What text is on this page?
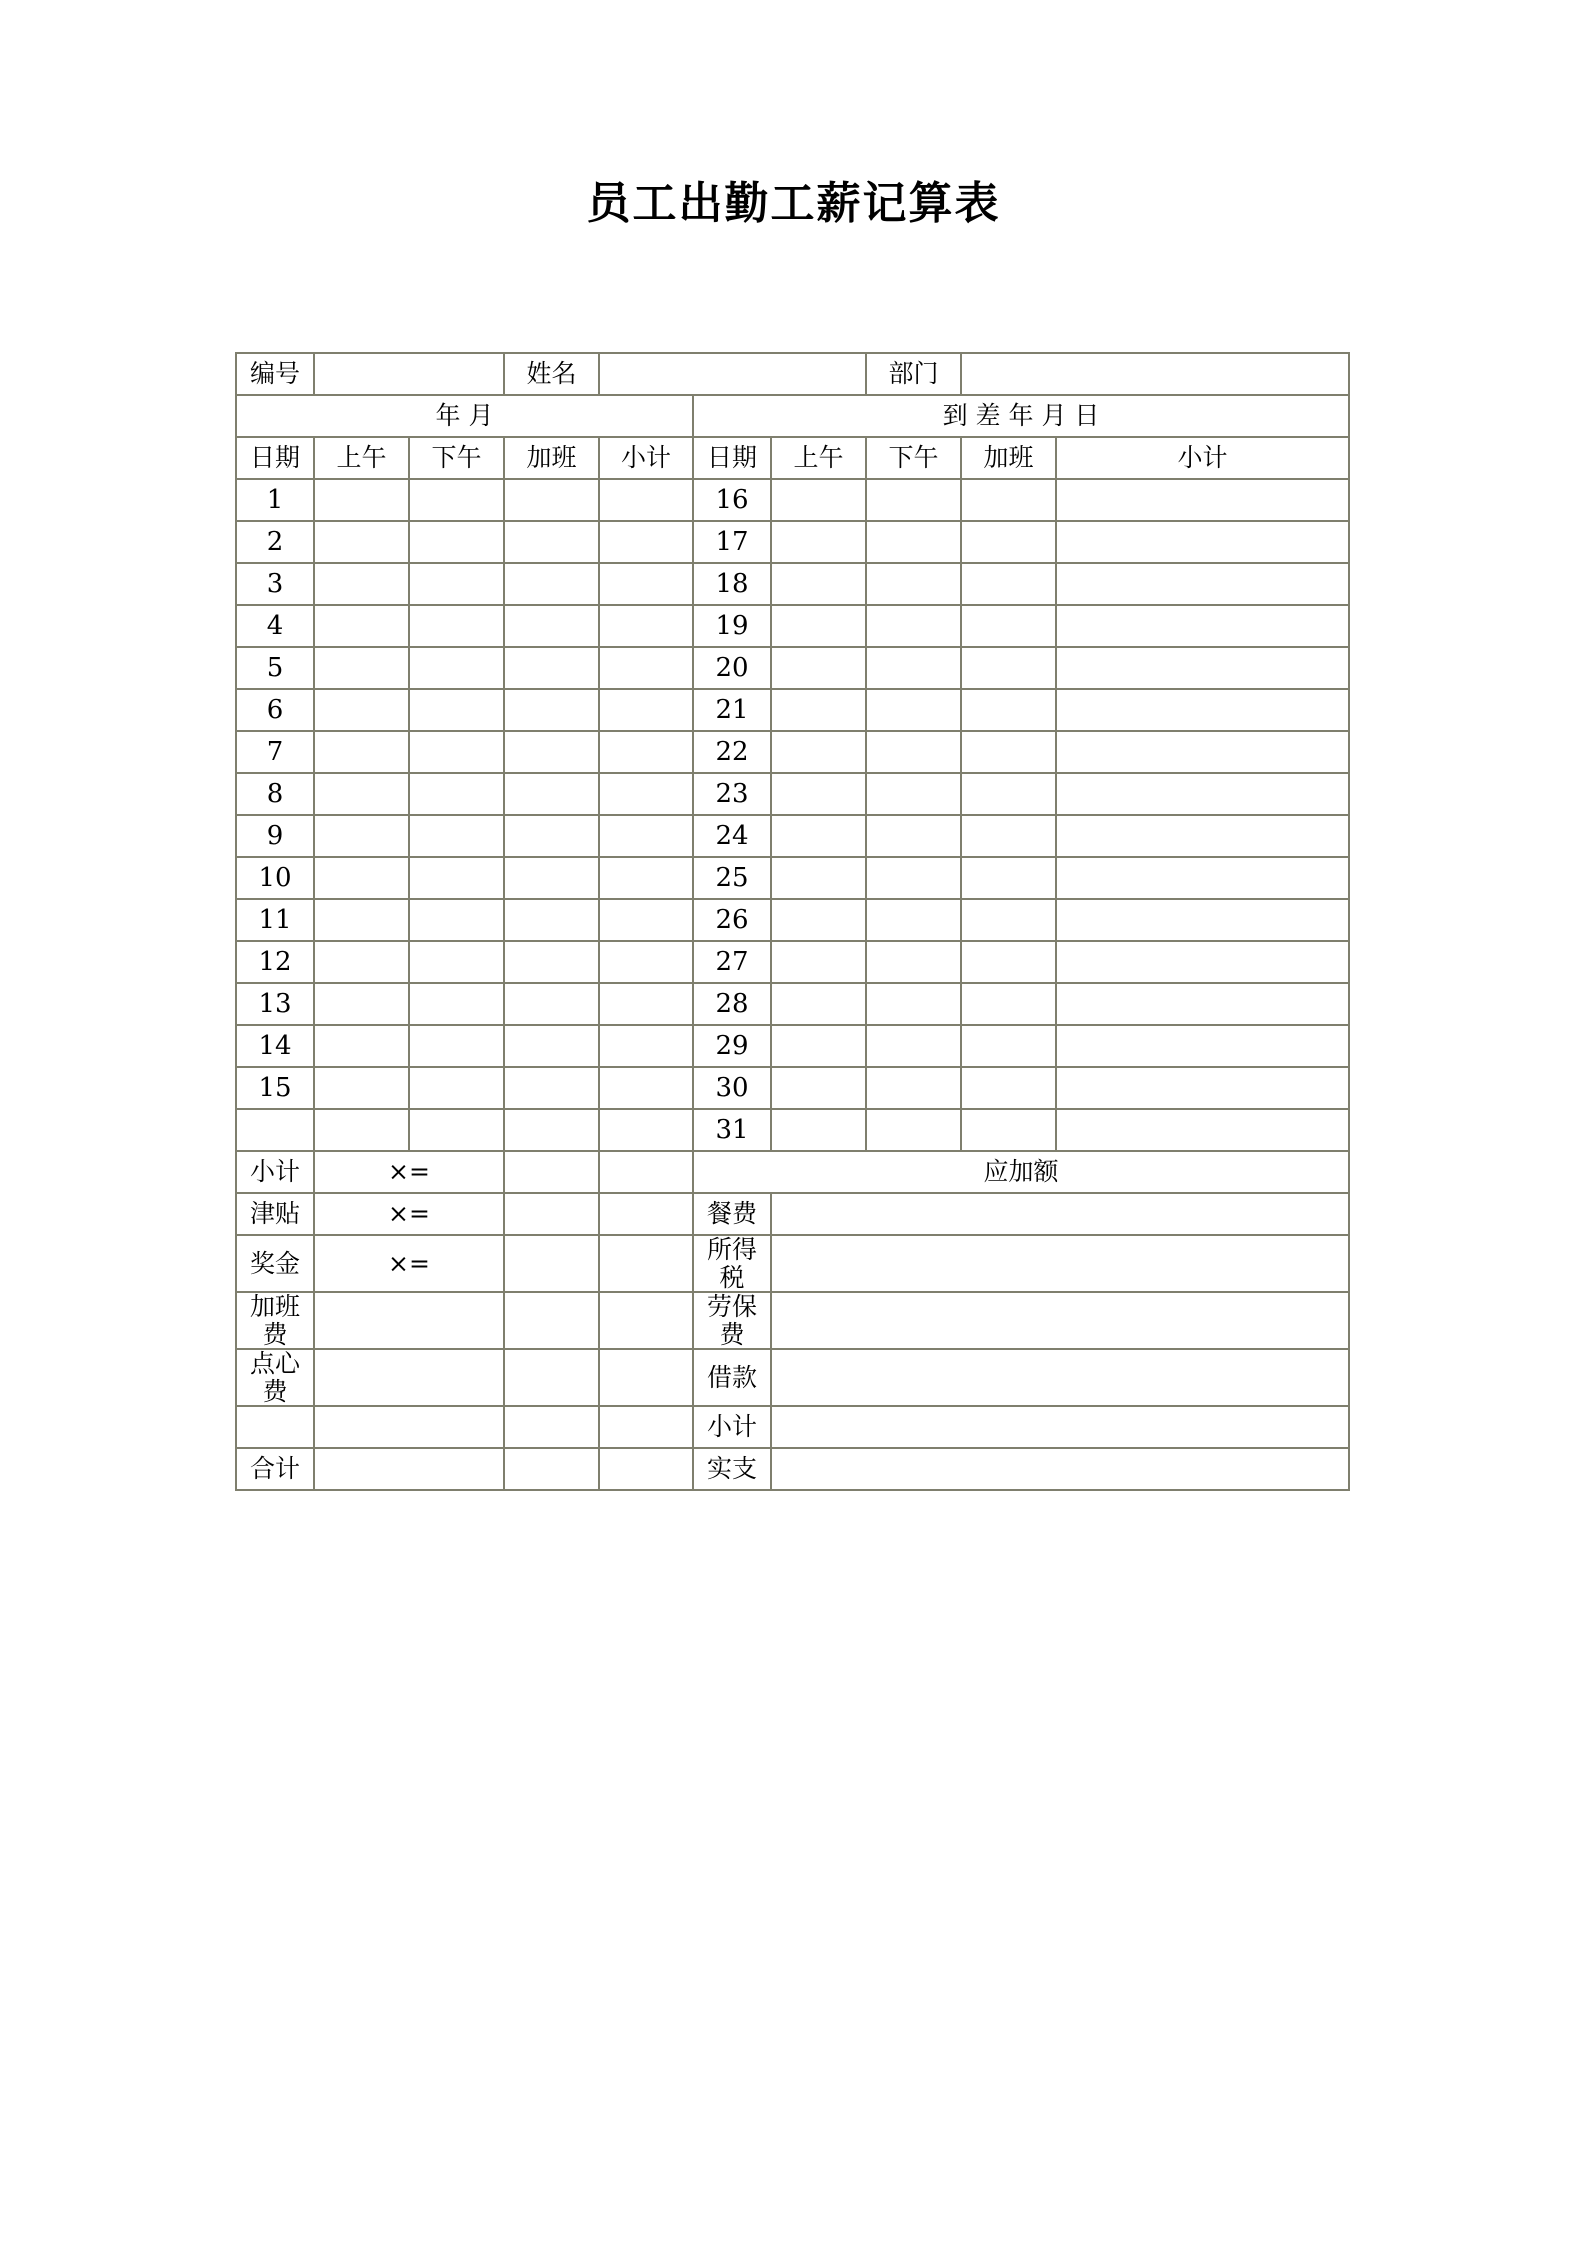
员工出勤工薪记算表
编号			姓名				部门		
年 月					到 差 年 月 日				
日期	上午	下午	加班	小计	日期	上午	下午	加班	小计
1					16				
2					17				
3					18				
4					19				
5					20				
6					21				
7					22				
8					23				
9					24				
10					25				
11					26				
12					27				
13					28				
14					29				
15					30				
					31				
小计	×=				应加额				
津贴	×=				餐费				
奖金	×=				所得税				
加班费					劳保费				
点心费					借款				
					小计				
合计					实支				
